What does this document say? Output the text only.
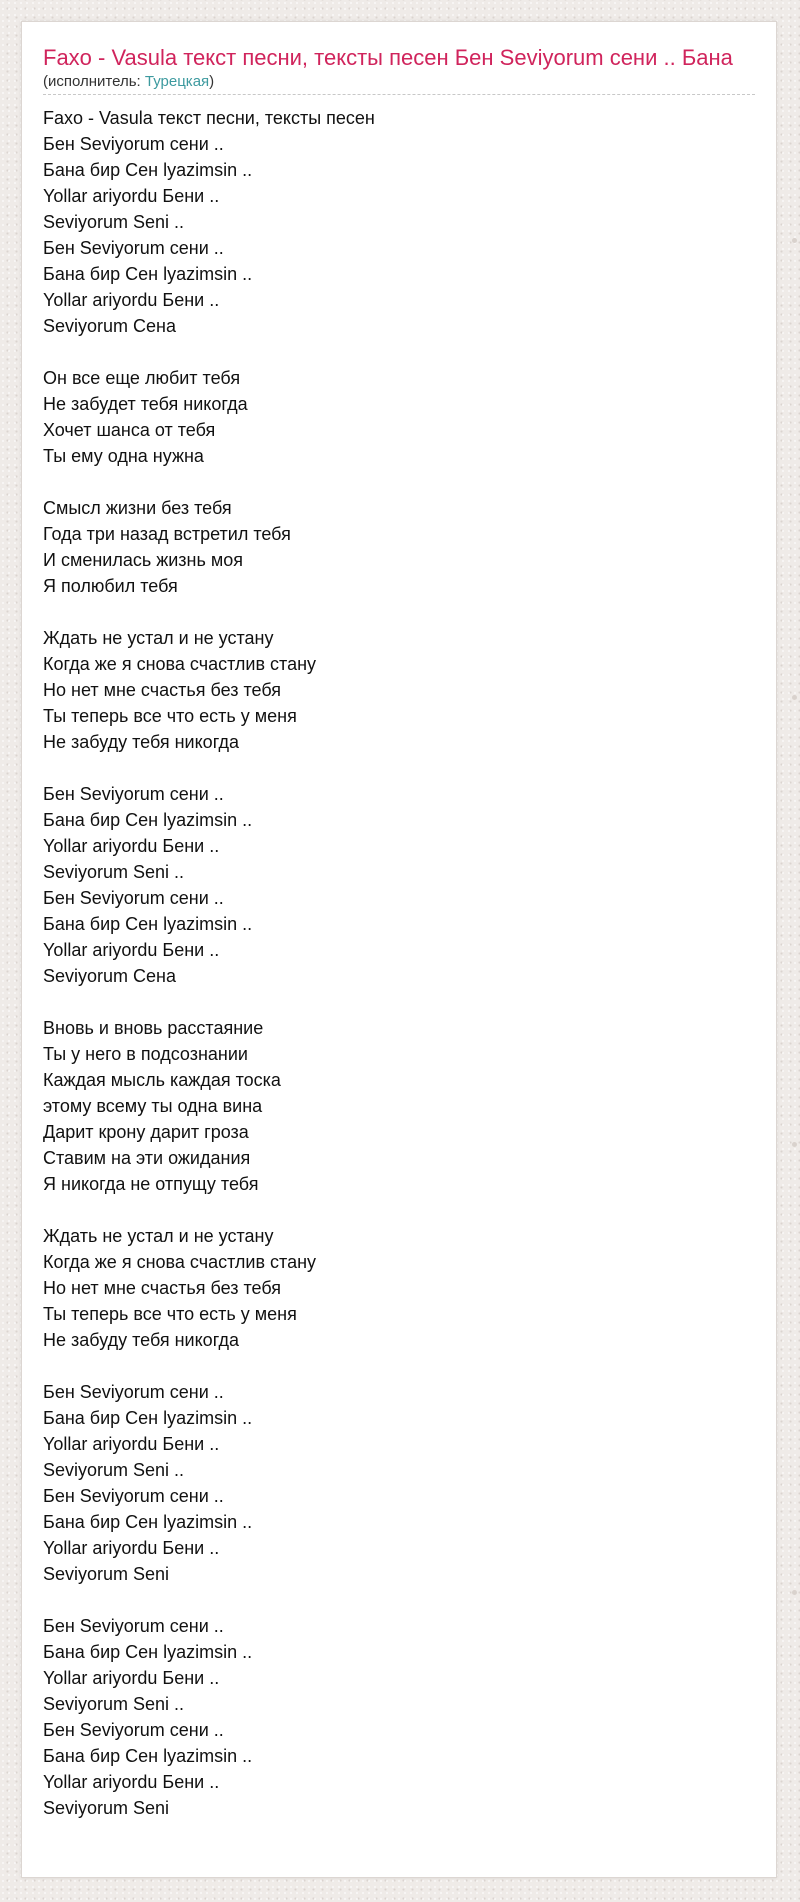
Faxo - Vasula текст песни, тексты песен Бен Seviyorum сени .. Бана
(исполнитель: Турецкая)
Faxo - Vasula текст песни, тексты песен
Бен Seviyorum сени ..
Бана бир Сен lyazimsin ..
Yollar ariyordu Бени ..
Seviyorum Seni ..
Бен Seviyorum сени ..
Бана бир Сен lyazimsin ..
Yollar ariyordu Бени ..
Seviyorum Сена
Он все еще любит тебя
Не забудет тебя никогда
Хочет шанса от тебя
Ты ему одна нужна
Смысл жизни без тебя
Года три назад встретил тебя
И сменилась жизнь моя
Я полюбил тебя
Ждать не устал и не устану
Когда же я снова счастлив стану
Но нет мне счастья без тебя
Ты теперь все что есть у меня
Не забуду тебя никогда
Бен Seviyorum сени ..
Бана бир Сен lyazimsin ..
Yollar ariyordu Бени ..
Seviyorum Seni ..
Бен Seviyorum сени ..
Бана бир Сен lyazimsin ..
Yollar ariyordu Бени ..
Seviyorum Сена
Вновь и вновь расстаяние
Ты у него в подсознании
Каждая мысль каждая тоска
этому всему ты одна вина
Дарит крону дарит гроза
Ставим на эти ожидания
Я никогда не отпущу тебя
Ждать не устал и не устану
Когда же я снова счастлив стану
Но нет мне счастья без тебя
Ты теперь все что есть у меня
Не забуду тебя никогда
Бен Seviyorum сени ..
Бана бир Сен lyazimsin ..
Yollar ariyordu Бени ..
Seviyorum Seni ..
Бен Seviyorum сени ..
Бана бир Сен lyazimsin ..
Yollar ariyordu Бени ..
Seviyorum Seni
Бен Seviyorum сени ..
Бана бир Сен lyazimsin ..
Yollar ariyordu Бени ..
Seviyorum Seni ..
Бен Seviyorum сени ..
Бана бир Сен lyazimsin ..
Yollar ariyordu Бени ..
Seviyorum Seni
